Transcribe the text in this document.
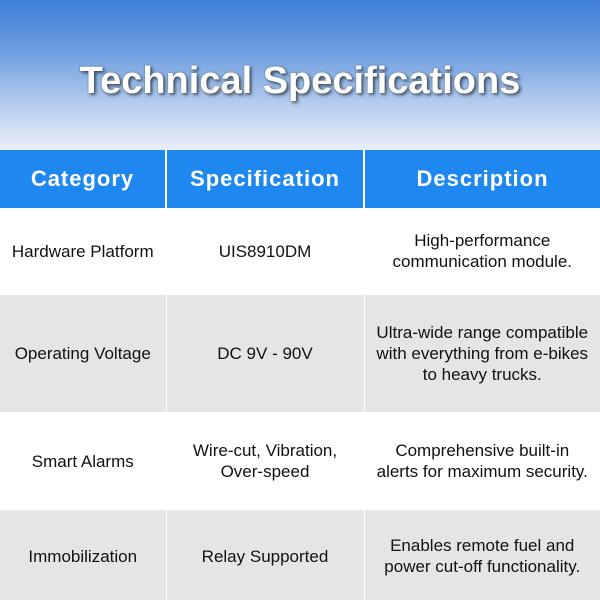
Technical Specifications
Category	Specification	Description
Hardware Platform	UIS8910DM	High-performance communication module.
Operating Voltage	DC 9V - 90V	Ultra-wide range compatible with everything from e-bikes to heavy trucks.
Smart Alarms	Wire-cut, Vibration, Over-speed	Comprehensive built-in alerts for maximum security.
Immobilization	Relay Supported	Enables remote fuel and power cut-off functionality.
